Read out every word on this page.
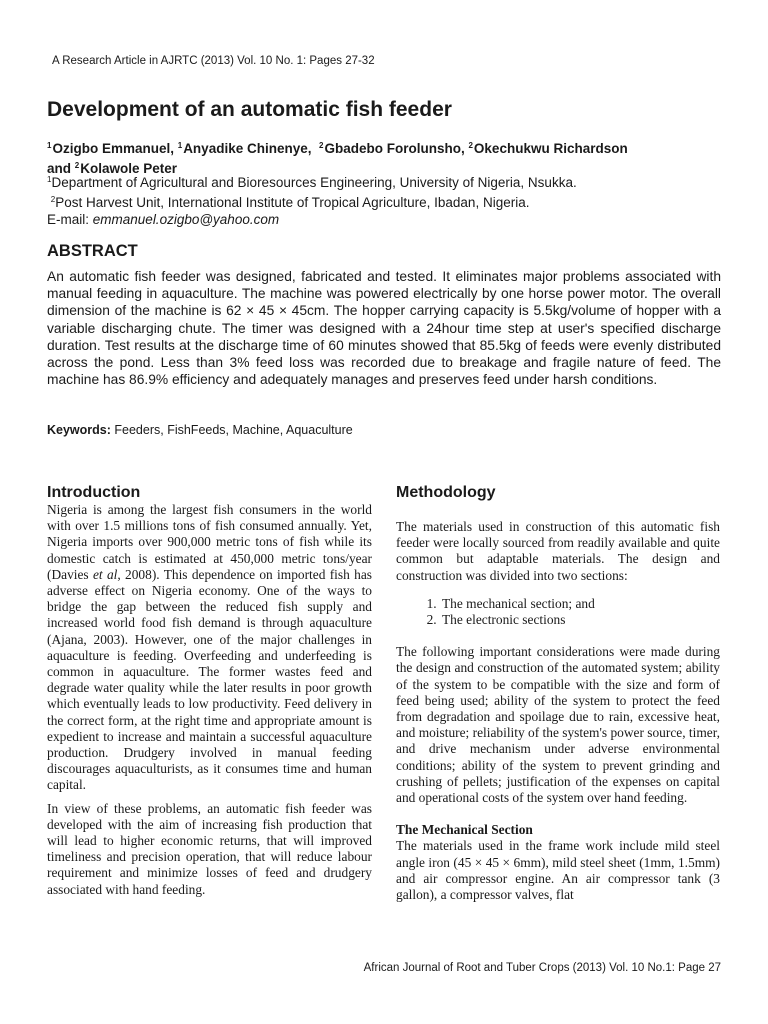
A Research Article in AJRTC (2013) Vol. 10 No. 1: Pages 27-32
Development of an automatic fish feeder
$^1$Ozigbo Emmanuel, $^1$Anyadike Chinenye, $^2$Gbadebo Forolunsho, $^2$Okechukwu Richardson
and $^2$Kolawole Peter
$^1$Department of Agricultural and Bioresources Engineering, University of Nigeria, Nsukka.
$^2$Post Harvest Unit, International Institute of Tropical Agriculture, Ibadan, Nigeria.
E-mail: emmanuel.ozigbo@yahoo.com
ABSTRACT

An automatic fish feeder was designed, fabricated and tested. It eliminates major problems associated with manual feeding in aquaculture. The machine was powered electrically by one horse power motor. The overall dimension of the machine is 62 × 45 × 45cm. The hopper carrying capacity is 5.5kg/volume of hopper with a variable discharging chute. The timer was designed with a 24hour time step at user's specified discharge duration. Test results at the discharge time of 60 minutes showed that 85.5kg of feeds were evenly distributed across the pond. Less than 3% feed loss was recorded due to breakage and fragile nature of feed. The machine has 86.9% efficiency and adequately manages and preserves feed under harsh conditions.

Keywords: Feeders, FishFeeds, Machine, Aquaculture
Introduction	Methodology

Nigeria is among the largest fish consumers in the world with over 1.5 millions tons of fish consumed annually. Yet, Nigeria imports over 900,000 metric tons of fish while its domestic catch is estimated at 450,000 metric tons/year (Davies et al, 2008). This dependence on imported fish has adverse effect on Nigeria economy. One of the ways to bridge the gap between the reduced fish supply and increased world food fish demand is through aquaculture (Ajana, 2003). However, one of the major challenges in aquaculture is feeding. Overfeeding and underfeeding is common in aquaculture. The former wastes feed and degrade water quality while the later results in poor growth which eventually leads to low productivity. Feed delivery in the correct form, at the right time and appropriate amount is expedient to increase and maintain a successful aquaculture production. Drudgery involved in manual feeding discourages aquaculturists, as it consumes time and human capital.

In view of these problems, an automatic fish feeder was developed with the aim of increasing fish production that will lead to higher economic returns, that will improved timeliness and precision operation, that will reduce labour requirement and minimize losses of feed and drudgery associated with hand feeding.

The materials used in construction of this automatic fish feeder were locally sourced from readily available and quite common but adaptable materials. The design and construction was divided into two sections:

1. The mechanical section; and
2. The electronic sections

The following important considerations were made during the design and construction of the automated system; ability of the system to be compatible with the size and form of feed being used; ability of the system to protect the feed from degradation and spoilage due to rain, excessive heat, and moisture; reliability of the system's power source, timer, and drive mechanism under adverse environmental conditions; ability of the system to prevent grinding and crushing of pellets; justification of the expenses on capital and operational costs of the system over hand feeding.

The Mechanical Section

The materials used in the frame work include mild steel angle iron (45 × 45 × 6mm), mild steel sheet (1mm, 1.5mm) and air compressor engine. An air compressor tank (3 gallon), a compressor valves, flat

African Journal of Root and Tuber Crops (2013) Vol. 10 No.1: Page 27
